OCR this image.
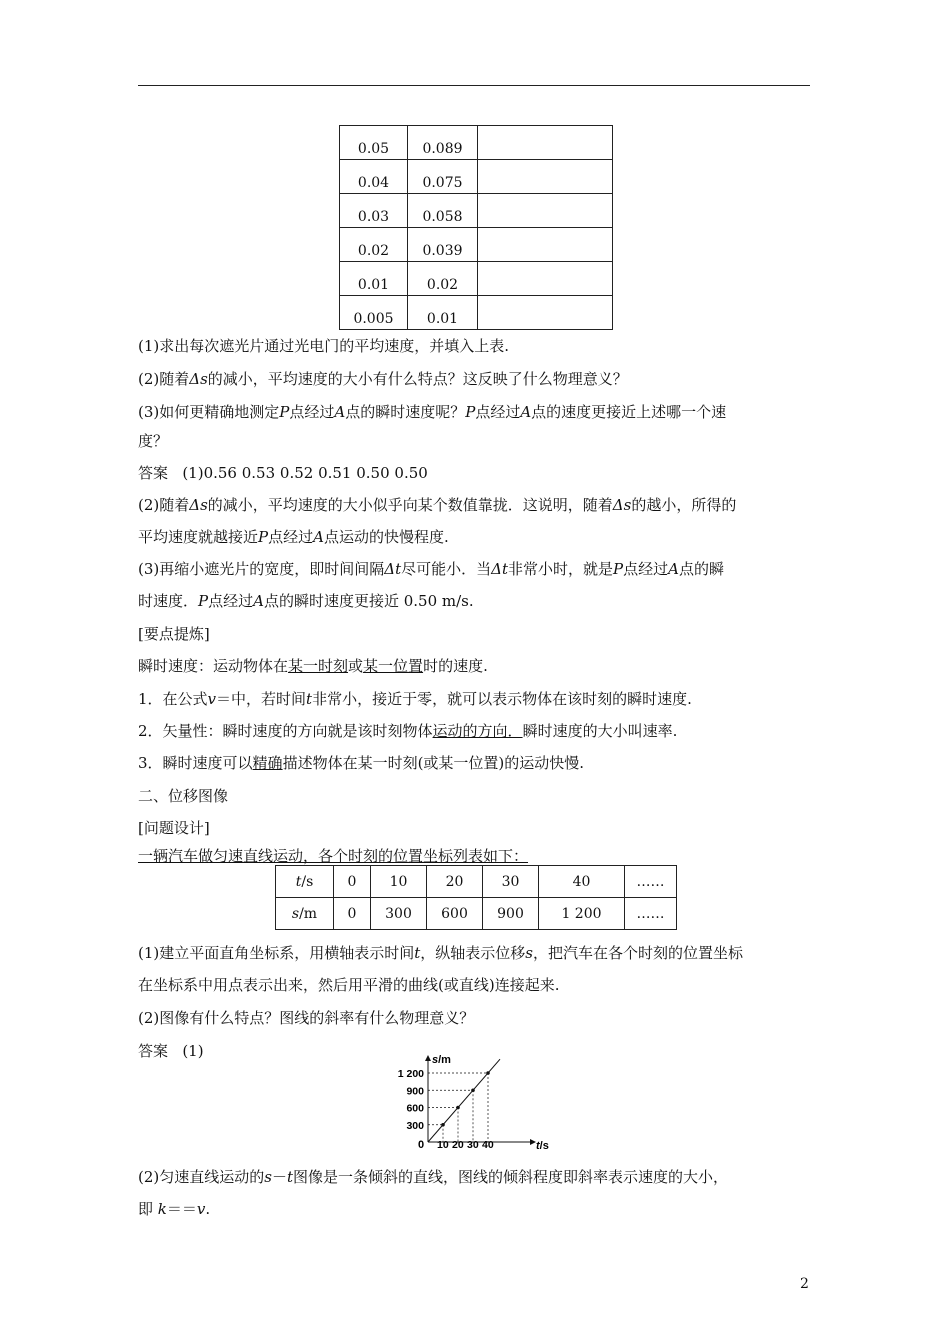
0.05	0.089	
0.04	0.075	
0.03	0.058	
0.02	0.039	
0.01	0.02	
0.005	0.01	
(1)求出每次遮光片通过光电门的平均速度，并填入上表.
(2)随着Δs的减小，平均速度的大小有什么特点？这反映了什么物理意义？
(3)如何更精确地测定P点经过A点的瞬时速度呢？P点经过A点的速度更接近上述哪一个速
度？
答案 (1)0.56 0.53 0.52 0.51 0.50 0.50
(2)随着Δs的减小，平均速度的大小似乎向某个数值靠拢．这说明，随着Δs的越小，所得的
平均速度就越接近P点经过A点运动的快慢程度.
(3)再缩小遮光片的宽度，即时间间隔Δt尽可能小．当Δt非常小时，就是P点经过A点的瞬
时速度．P点经过A点的瞬时速度更接近 0.50 m/s.
[要点提炼]
瞬时速度：运动物体在某一时刻或某一位置时的速度.
1．在公式v＝中，若时间t非常小，接近于零，就可以表示物体在该时刻的瞬时速度.
2．矢量性：瞬时速度的方向就是该时刻物体运动的方向．瞬时速度的大小叫速率.
3．瞬时速度可以精确描述物体在某一时刻(或某一位置)的运动快慢.
二、位移图像
[问题设计]
一辆汽车做匀速直线运动，各个时刻的位置坐标列表如下：
t/s	0	10	20	30	40	……
s/m	0	300	600	900	1 200	……
(1)建立平面直角坐标系，用横轴表示时间t，纵轴表示位移s，把汽车在各个时刻的位置坐标
在坐标系中用点表示出来，然后用平滑的曲线(或直线)连接起来.
(2)图像有什么特点？图线的斜率有什么物理意义？
答案 (1)	s/m
t/s
0 10 20 30 40
300
600
900
1 200
(2)匀速直线运动的s－t图像是一条倾斜的直线，图线的倾斜程度即斜率表示速度的大小，
即 k＝＝v.
2
